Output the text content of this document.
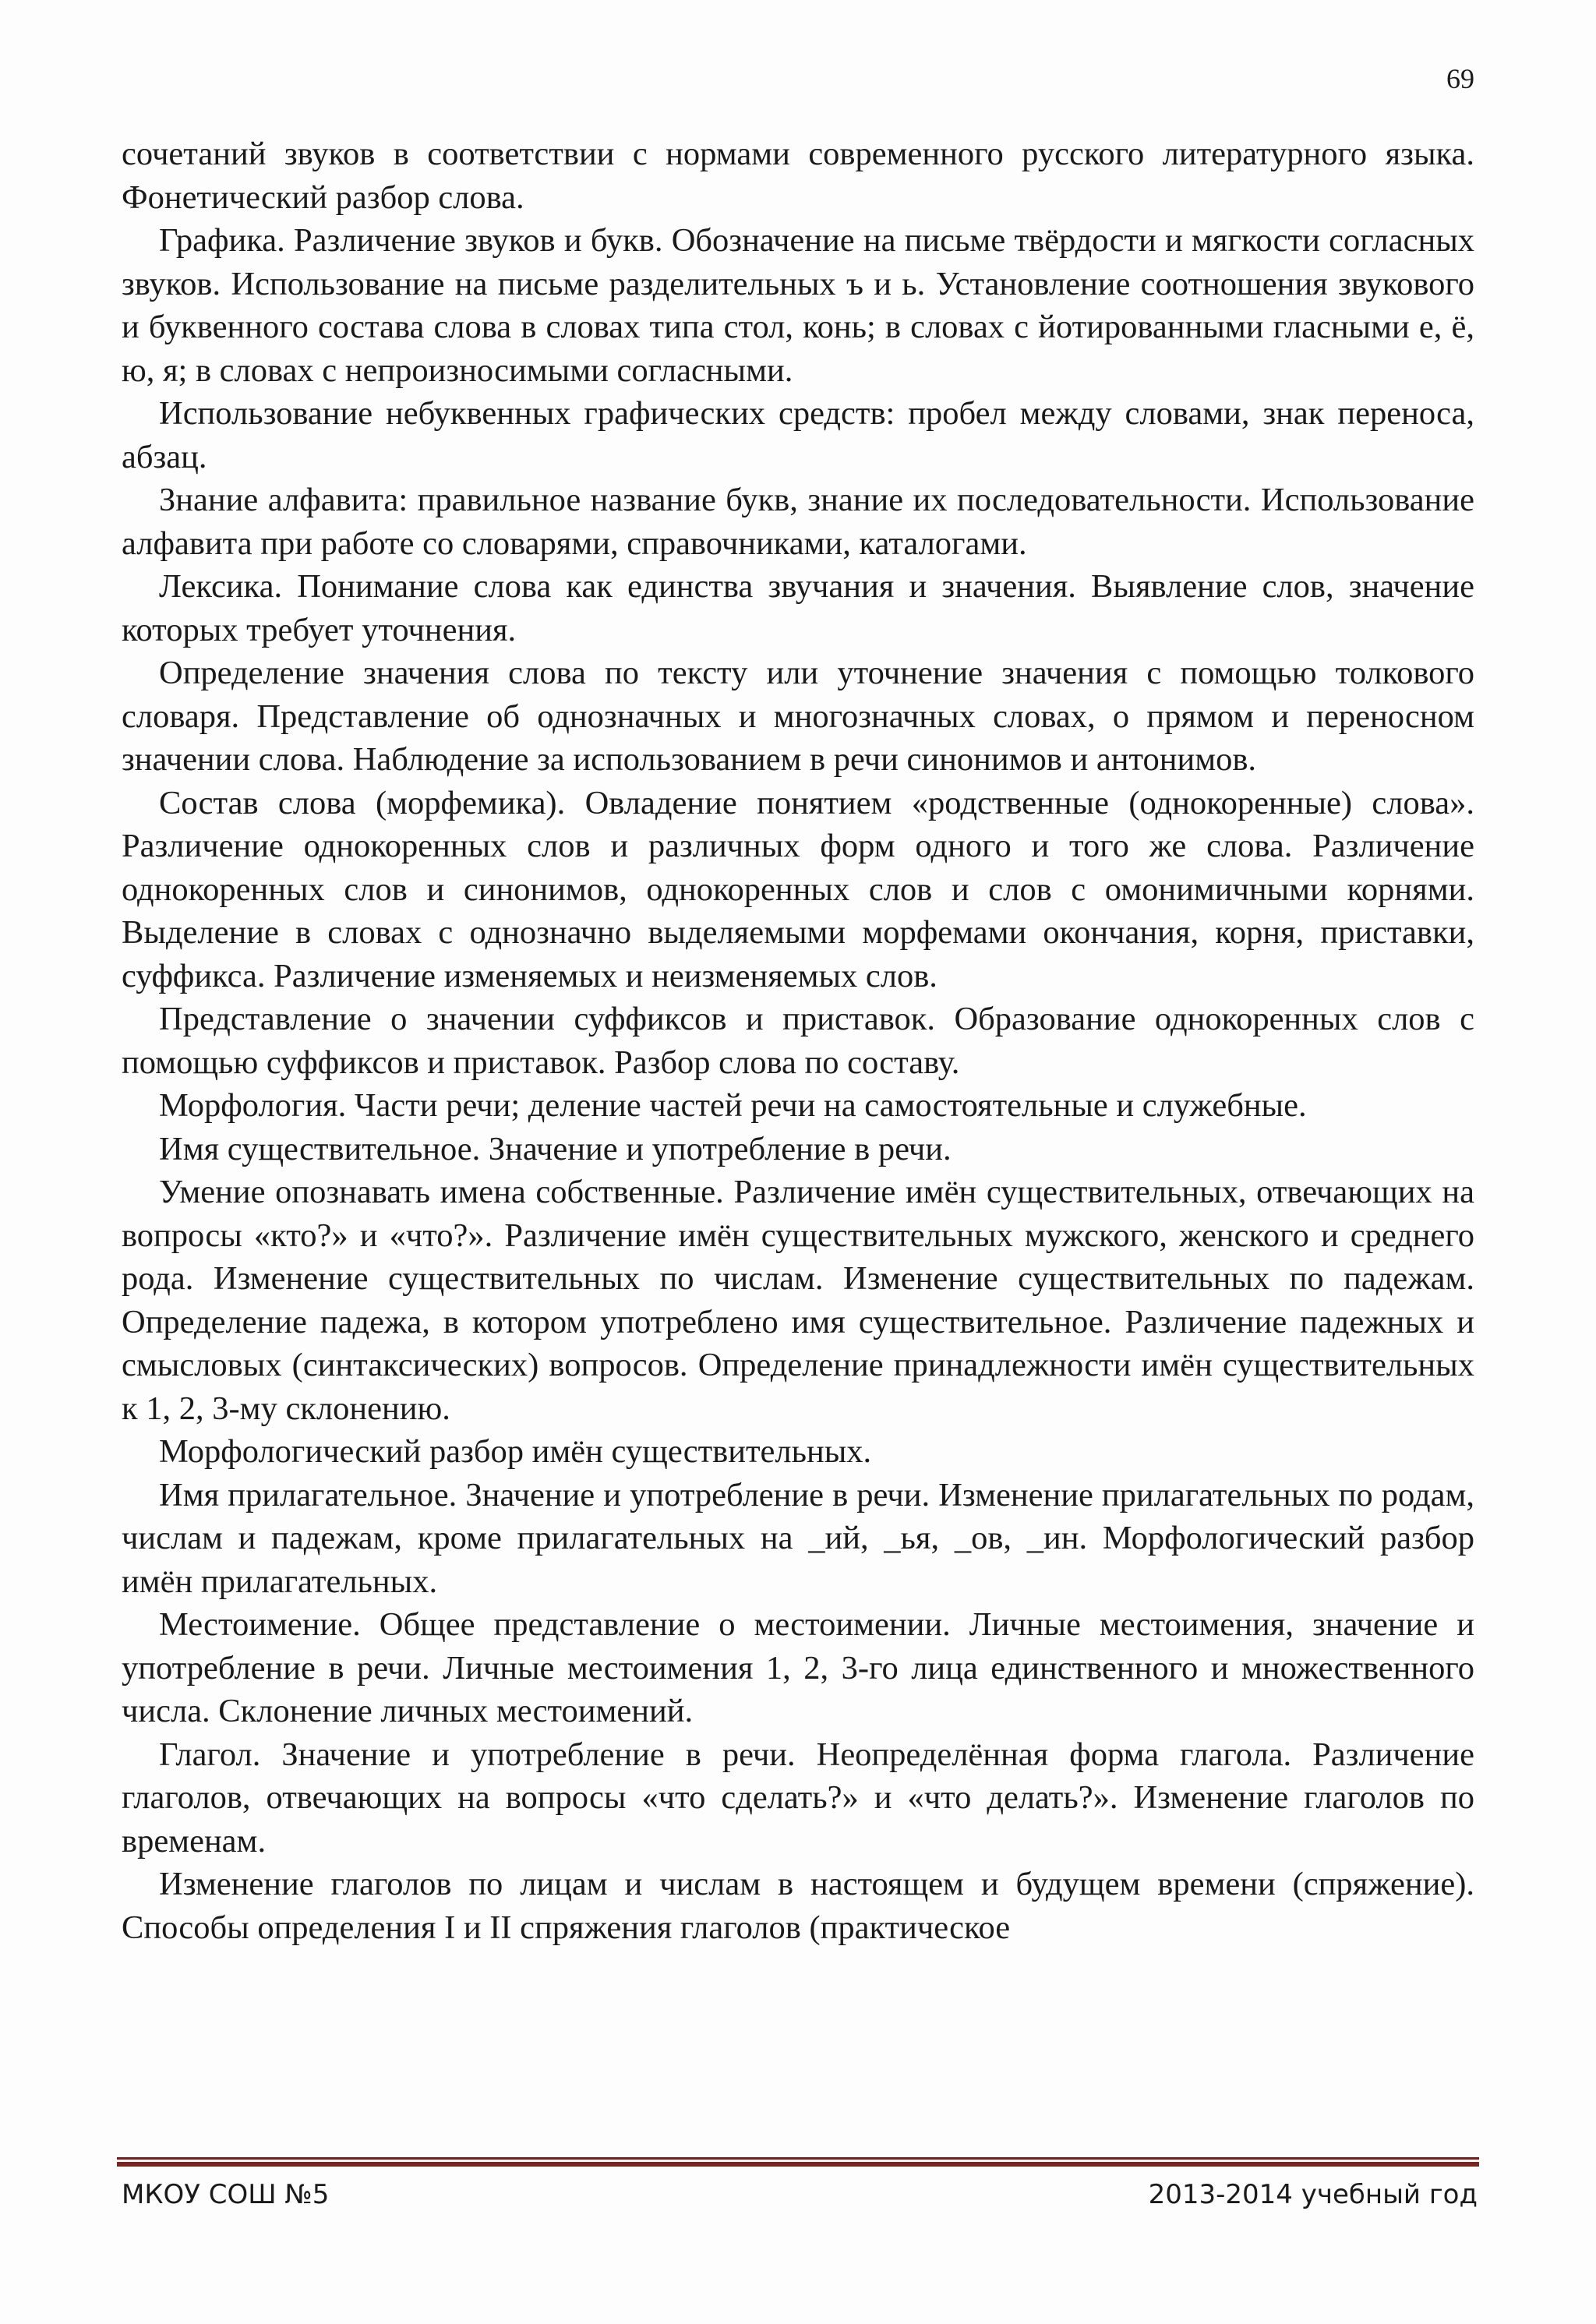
69

сочетаний звуков в соответствии с нормами современного русского литературного языка. Фонетический разбор слова.

Графика. Различение звуков и букв. Обозначение на письме твёрдости и мягкости согласных звуков. Использование на письме разделительных ъ и ь. Установление соотношения звукового и буквенного состава слова в словах типа стол, конь; в словах с йотированными гласными е, ё, ю, я; в словах с непроизносимыми согласными.

Использование небуквенных графических средств: пробел между словами, знак переноса, абзац.

Знание алфавита: правильное название букв, знание их последовательности. Использование алфавита при работе со словарями, справочниками, каталогами.

Лексика. Понимание слова как единства звучания и значения. Выявление слов, значение которых требует уточнения.

Определение значения слова по тексту или уточнение значения с помощью толкового словаря. Представление об однозначных и многозначных словах, о прямом и переносном значении слова. Наблюдение за использованием в речи синонимов и антонимов.

Состав слова (морфемика). Овладение понятием «родственные (однокоренные) слова». Различение однокоренных слов и различных форм одного и того же слова. Различение однокоренных слов и синонимов, однокоренных слов и слов с омонимичными корнями. Выделение в словах с однозначно выделяемыми морфемами окончания, корня, приставки, суффикса. Различение изменяемых и неизменяемых слов.

Представление о значении суффиксов и приставок. Образование однокоренных слов с помощью суффиксов и приставок. Разбор слова по составу.

Морфология. Части речи; деление частей речи на самостоятельные и служебные.

Имя существительное. Значение и употребление в речи.

Умение опознавать имена собственные. Различение имён существительных, отвечающих на вопросы «кто?» и «что?». Различение имён существительных мужского, женского и среднего рода. Изменение существительных по числам. Изменение существительных по падежам. Определение падежа, в котором употреблено имя существительное. Различение падежных и смысловых (синтаксических) вопросов. Определение принадлежности имён существительных к 1, 2, 3-му склонению.

Морфологический разбор имён существительных.

Имя прилагательное. Значение и употребление в речи. Изменение прилагательных по родам, числам и падежам, кроме прилагательных на _ий, _ья, _ов, _ин. Морфологический разбор имён прилагательных.

Местоимение. Общее представление о местоимении. Личные местоимения, значение и употребление в речи. Личные местоимения 1, 2, 3-го лица единственного и множественного числа. Склонение личных местоимений.

Глагол. Значение и употребление в речи. Неопределённая форма глагола. Различение глаголов, отвечающих на вопросы «что сделать?» и «что делать?». Изменение глаголов по временам.

Изменение глаголов по лицам и числам в настоящем и будущем времени (спряжение). Способы определения I и II спряжения глаголов (практическое

МКОУ СОШ №5	2013-2014 учебный год
